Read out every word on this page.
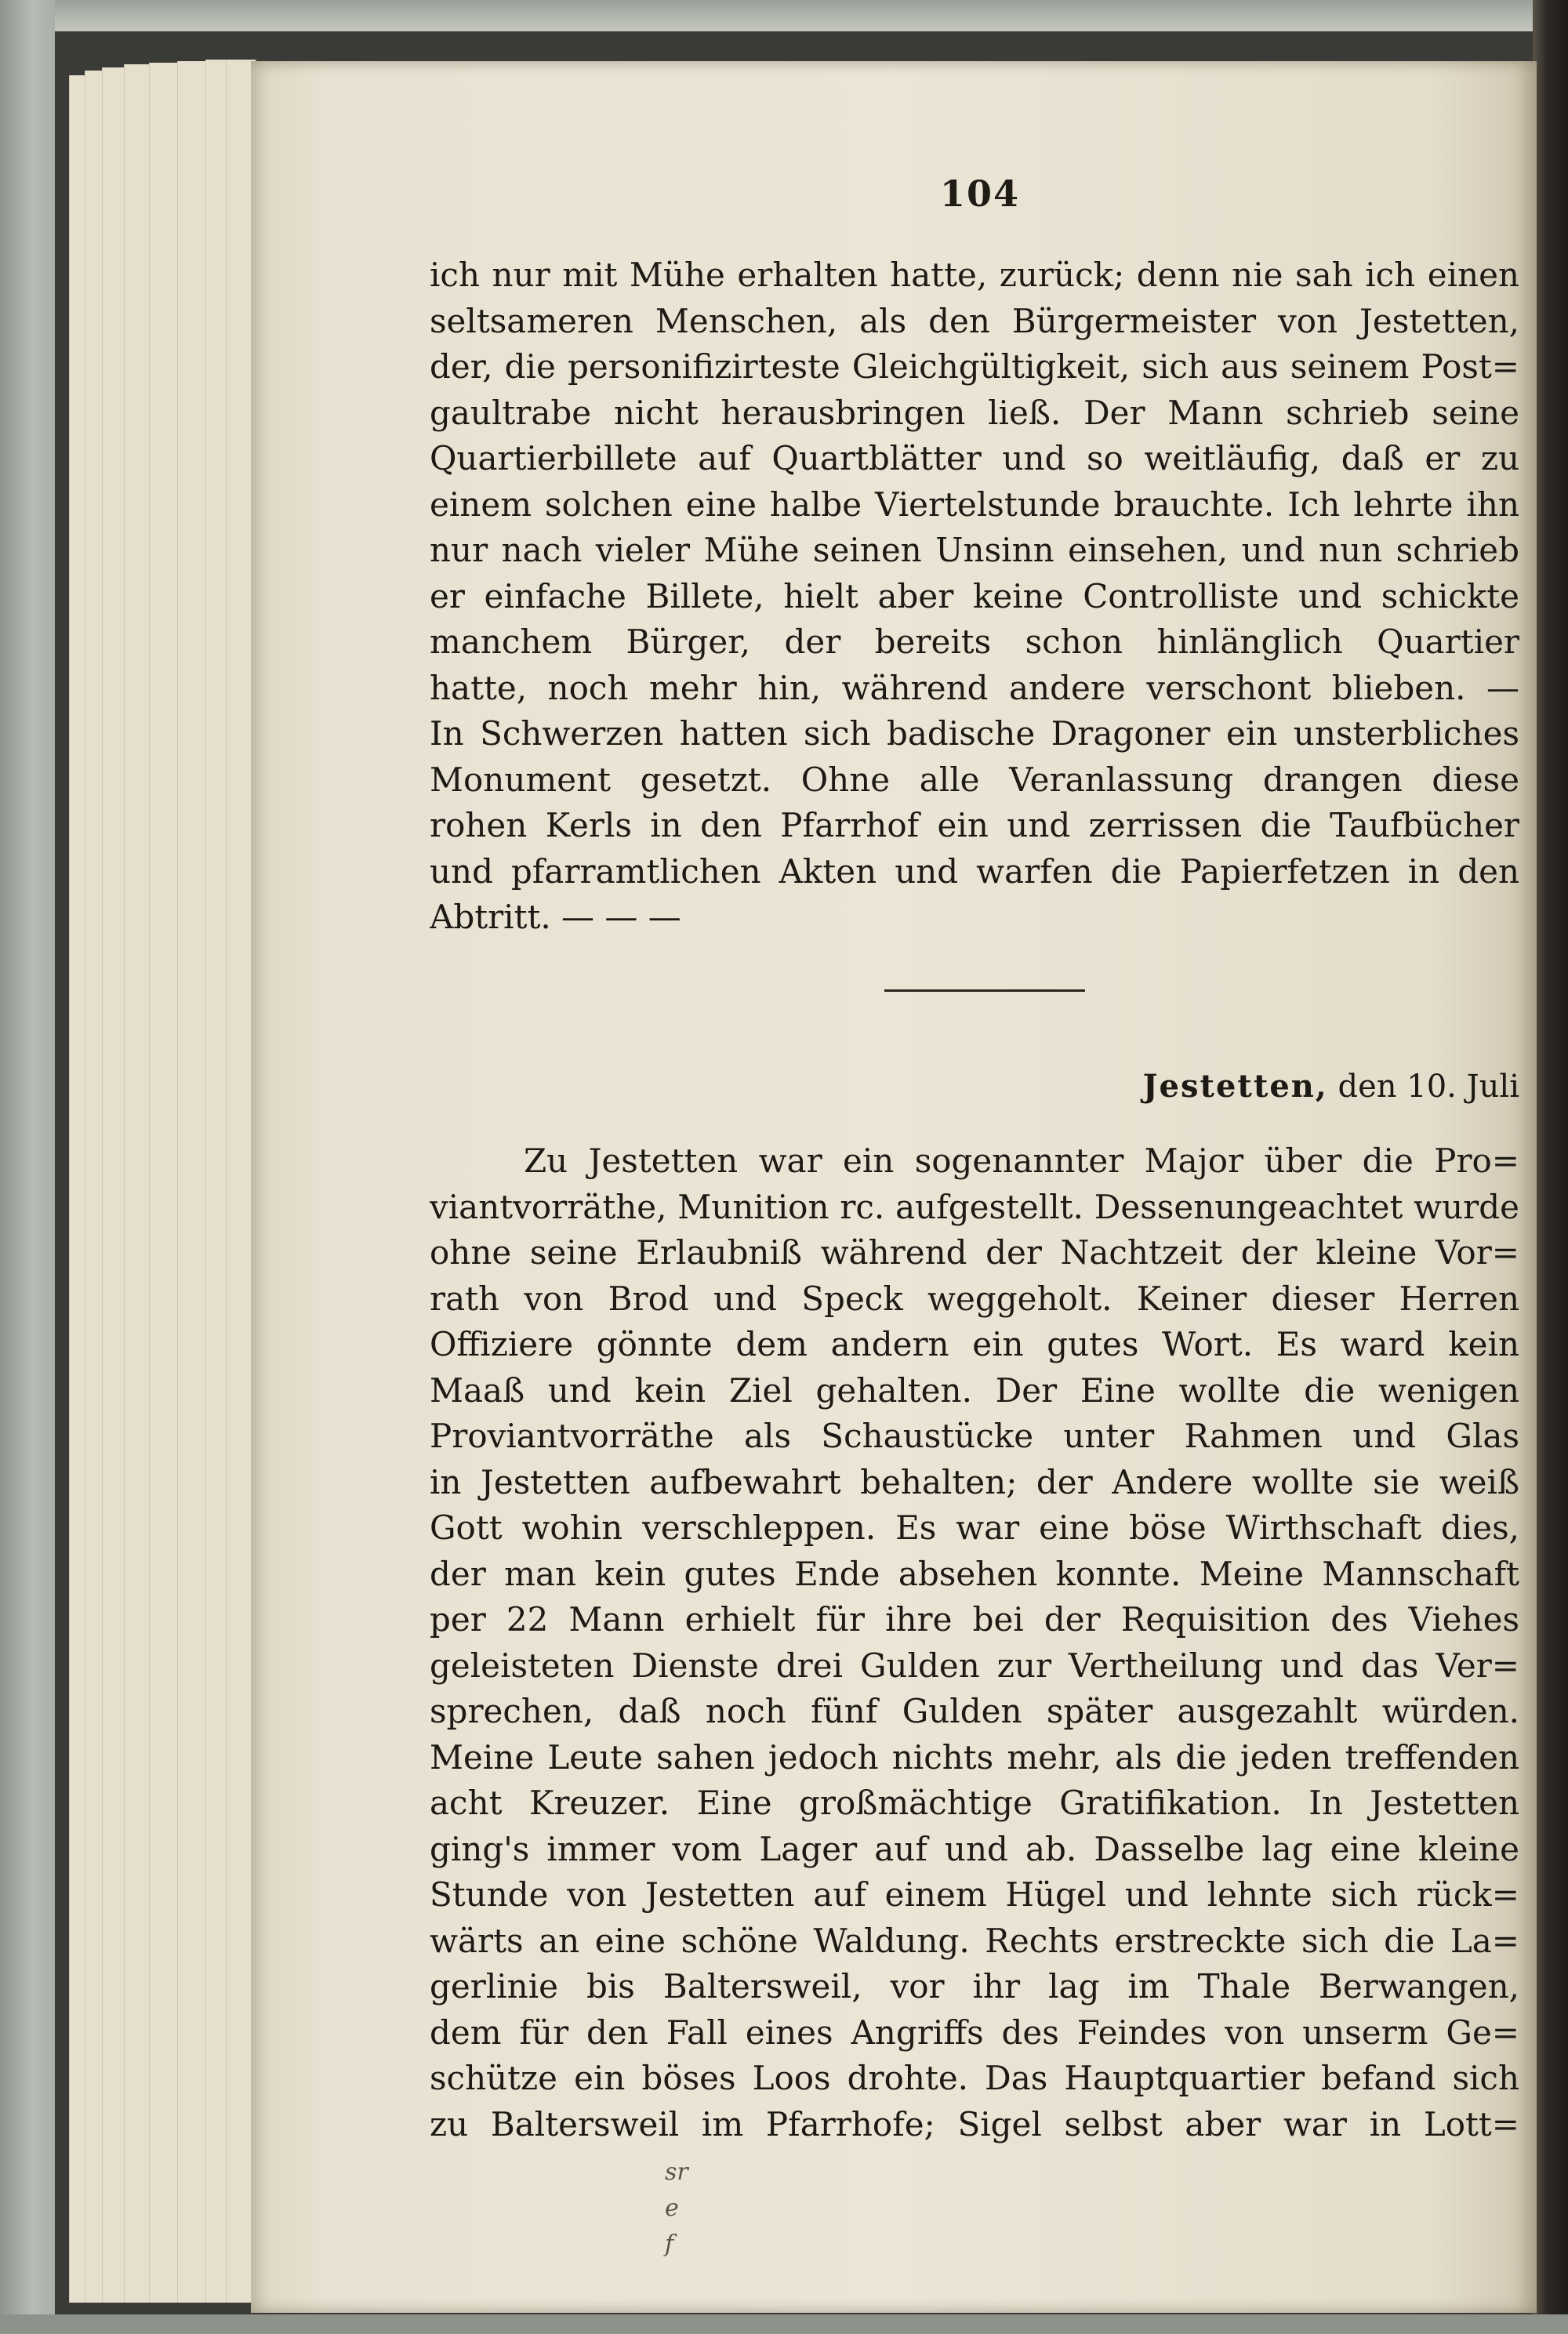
104
ich nur mit Mühe erhalten hatte, zurück; denn nie sah ich einen
seltsameren Menschen, als den Bürgermeister von Jestetten,
der, die personifizirteste Gleichgültigkeit, sich aus seinem Post=
gaultrabe nicht herausbringen ließ. Der Mann schrieb seine
Quartierbillete auf Quartblätter und so weitläufig, daß er zu
einem solchen eine halbe Viertelstunde brauchte. Ich lehrte ihn
nur nach vieler Mühe seinen Unsinn einsehen, und nun schrieb
er einfache Billete, hielt aber keine Controlliste und schickte
manchem Bürger, der bereits schon hinlänglich Quartier
hatte, noch mehr hin, während andere verschont blieben. —
In Schwerzen hatten sich badische Dragoner ein unsterbliches
Monument gesetzt. Ohne alle Veranlassung drangen diese
rohen Kerls in den Pfarrhof ein und zerrissen die Taufbücher
und pfarramtlichen Akten und warfen die Papierfetzen in den
Abtritt. — — —
Jestetten, den 10. Juli
Zu Jestetten war ein sogenannter Major über die Pro=
viantvorräthe, Munition rc. aufgestellt. Dessenungeachtet wurde
ohne seine Erlaubniß während der Nachtzeit der kleine Vor=
rath von Brod und Speck weggeholt. Keiner dieser Herren
Offiziere gönnte dem andern ein gutes Wort. Es ward kein
Maaß und kein Ziel gehalten. Der Eine wollte die wenigen
Proviantvorräthe als Schaustücke unter Rahmen und Glas
in Jestetten aufbewahrt behalten; der Andere wollte sie weiß
Gott wohin verschleppen. Es war eine böse Wirthschaft dies,
der man kein gutes Ende absehen konnte. Meine Mannschaft
per 22 Mann erhielt für ihre bei der Requisition des Viehes
geleisteten Dienste drei Gulden zur Vertheilung und das Ver=
sprechen, daß noch fünf Gulden später ausgezahlt würden.
Meine Leute sahen jedoch nichts mehr, als die jeden treffenden
acht Kreuzer. Eine großmächtige Gratifikation. In Jestetten
ging's immer vom Lager auf und ab. Dasselbe lag eine kleine
Stunde von Jestetten auf einem Hügel und lehnte sich rück=
wärts an eine schöne Waldung. Rechts erstreckte sich die La=
gerlinie bis Baltersweil, vor ihr lag im Thale Berwangen,
dem für den Fall eines Angriffs des Feindes von unserm Ge=
schütze ein böses Loos drohte. Das Hauptquartier befand sich
zu Baltersweil im Pfarrhofe; Sigel selbst aber war in Lott=
sr
e
f
